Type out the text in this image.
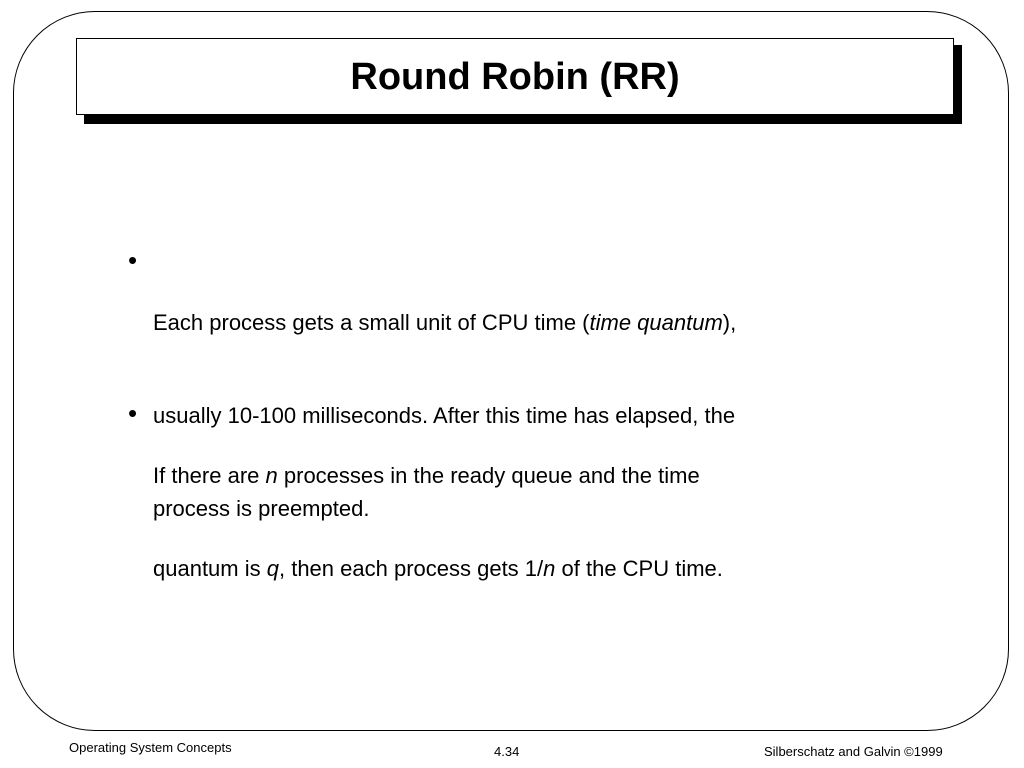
Round Robin (RR)
•

Each process gets a small unit of CPU time (time quantum),

usually 10-100 milliseconds. After this time has elapsed, the

process is preempted.

•

If there are n processes in the ready queue and the time

quantum is q, then each process gets 1/n of the CPU time.

Operating System Concepts	4.34	Silberschatz and Galvin ©1999
